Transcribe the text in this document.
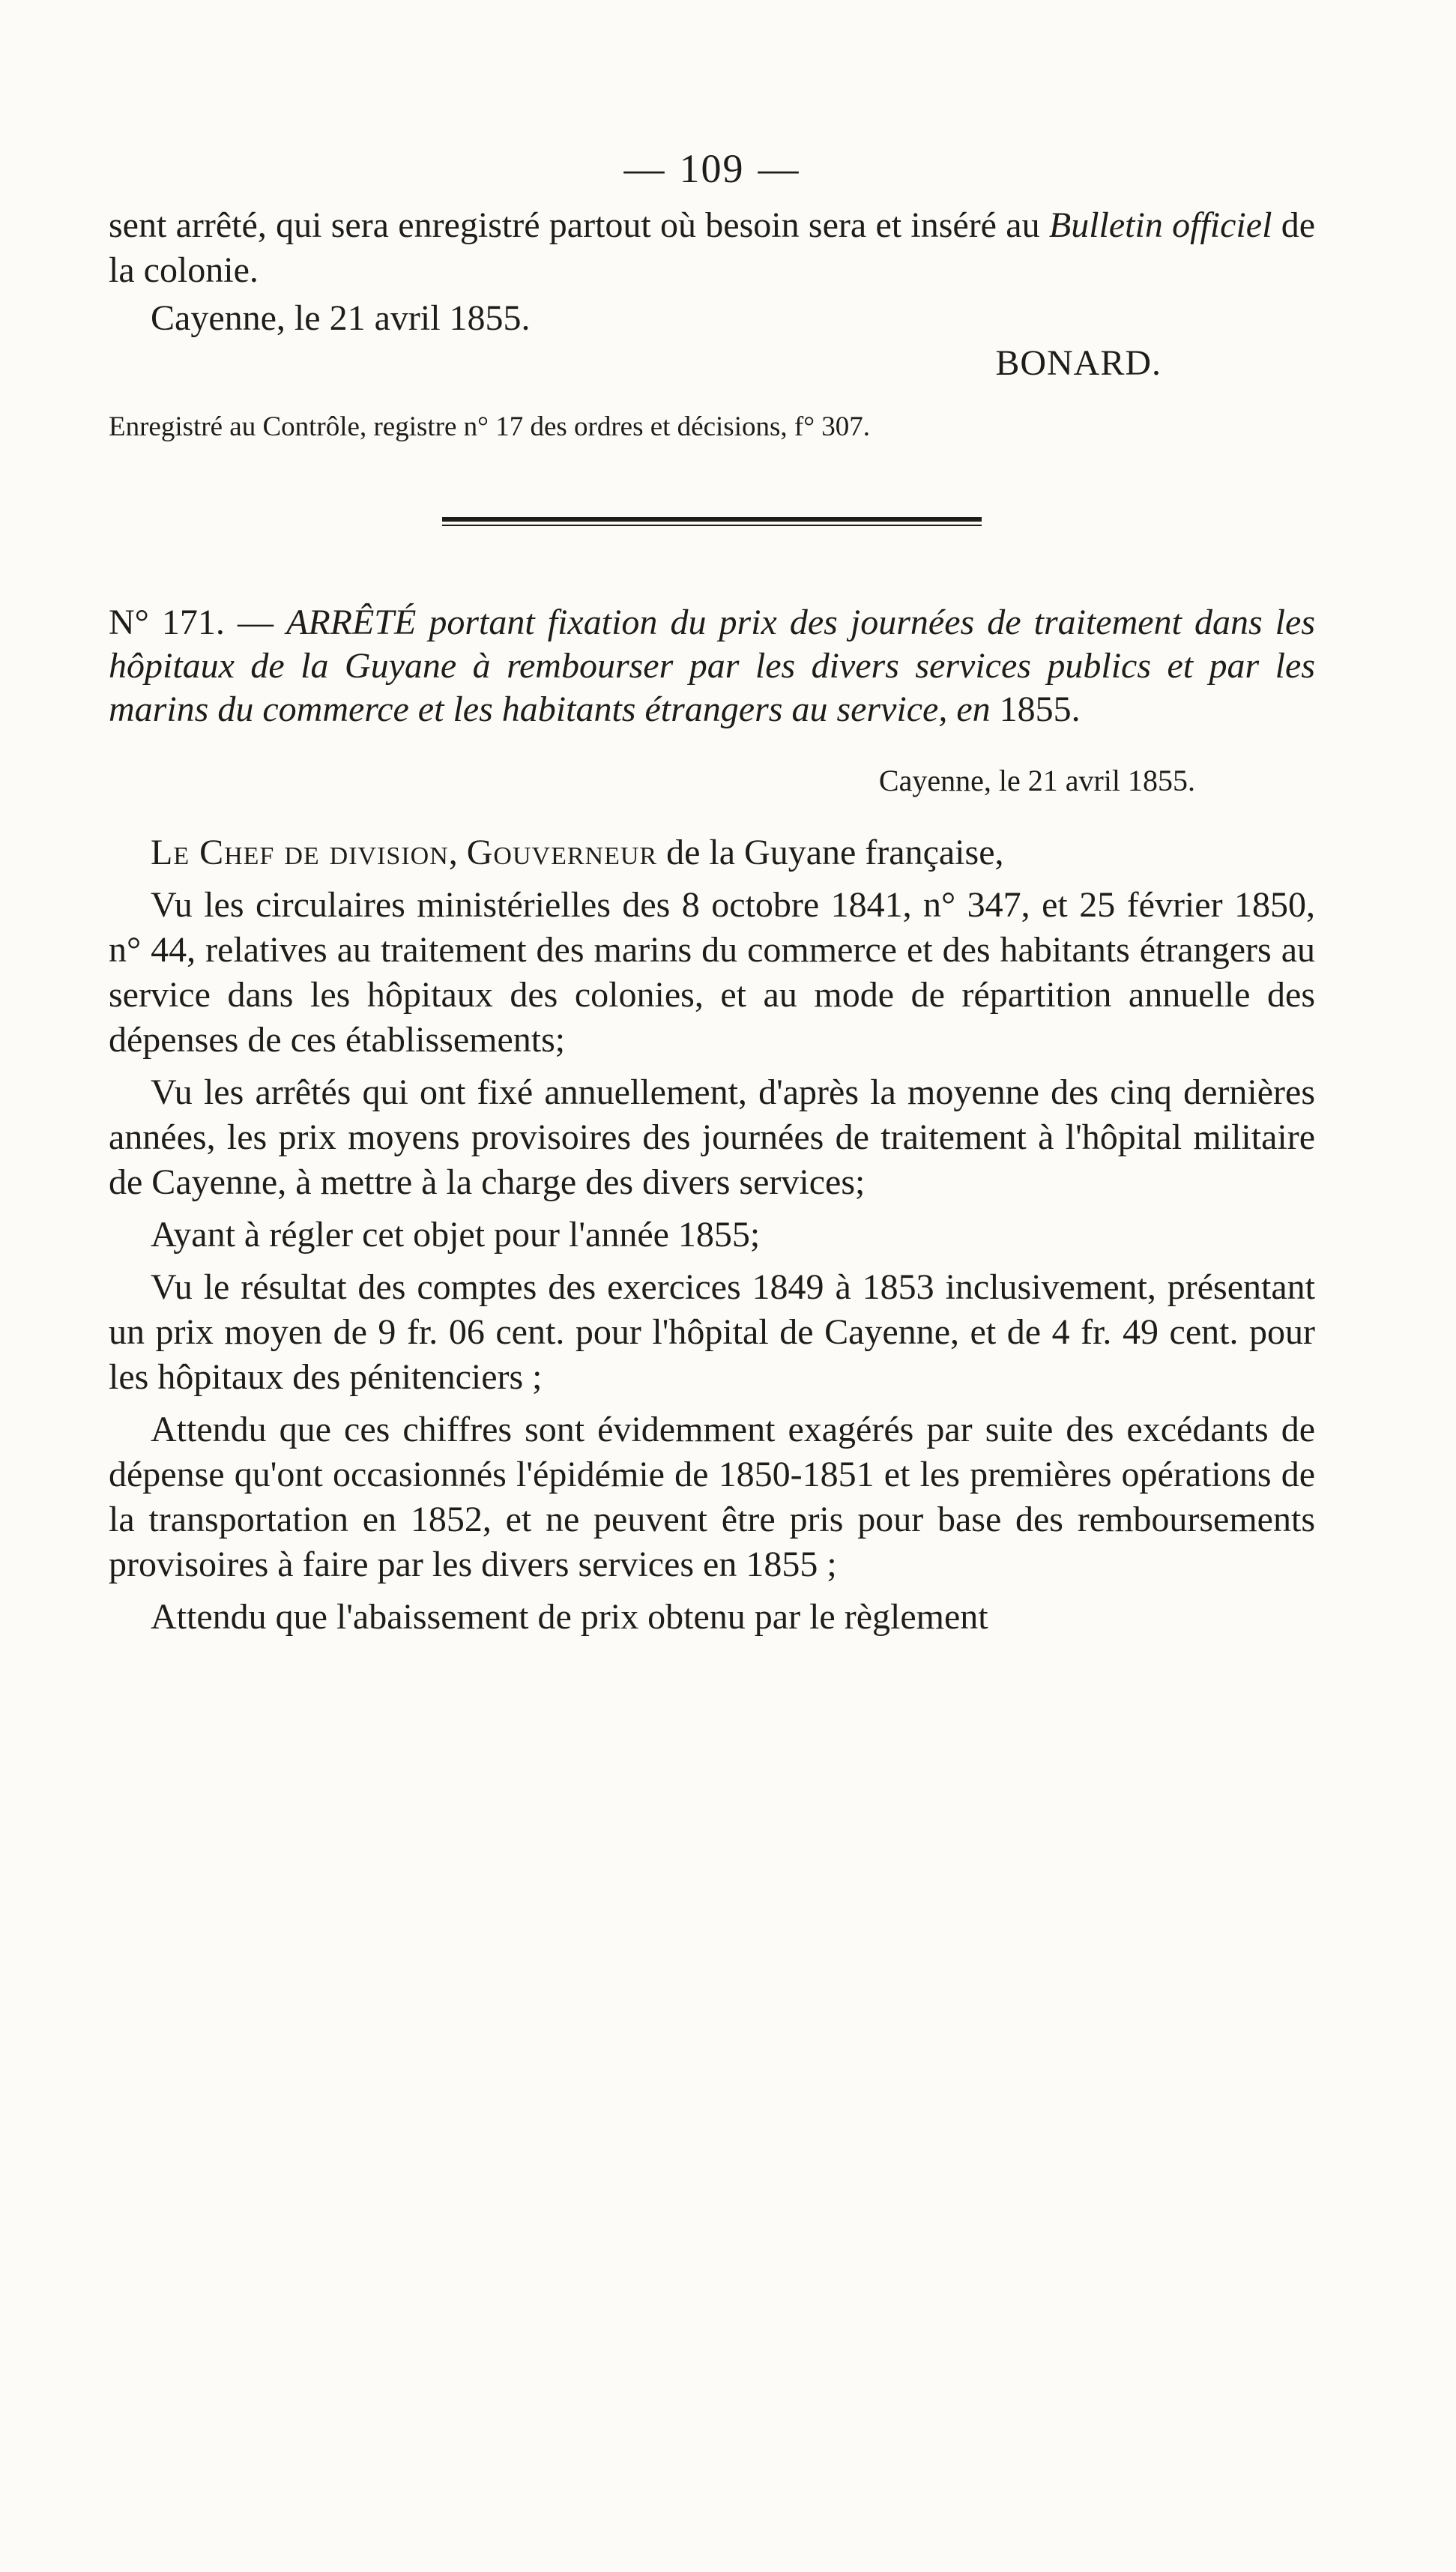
— 109 —

sent arrêté, qui sera enregistré partout où besoin sera et inséré au Bulletin officiel de la colonie.

Cayenne, le 21 avril 1855.

BONARD.
Enregistré au Contrôle, registre n° 17 des ordres et décisions, f° 307.

N° 171. — ARRÊTÉ portant fixation du prix des journées de traitement dans les hôpitaux de la Guyane à rembourser par les divers services publics et par les marins du commerce et les habitants étrangers au service, en 1855.

Cayenne, le 21 avril 1855.

Le Chef de division, Gouverneur de la Guyane française,

Vu les circulaires ministérielles des 8 octobre 1841, n° 347, et 25 février 1850, n° 44, relatives au traitement des marins du commerce et des habitants étrangers au service dans les hôpitaux des colonies, et au mode de répartition annuelle des dépenses de ces établissements;

Vu les arrêtés qui ont fixé annuellement, d'après la moyenne des cinq dernières années, les prix moyens provisoires des journées de traitement à l'hôpital militaire de Cayenne, à mettre à la charge des divers services;

Ayant à régler cet objet pour l'année 1855;

Vu le résultat des comptes des exercices 1849 à 1853 inclusivement, présentant un prix moyen de 9 fr. 06 cent. pour l'hôpital de Cayenne, et de 4 fr. 49 cent. pour les hôpitaux des pénitenciers ;

Attendu que ces chiffres sont évidemment exagérés par suite des excédants de dépense qu'ont occasionnés l'épidémie de 1850-1851 et les premières opérations de la transportation en 1852, et ne peuvent être pris pour base des remboursements provisoires à faire par les divers services en 1855 ;

Attendu que l'abaissement de prix obtenu par le règlement
